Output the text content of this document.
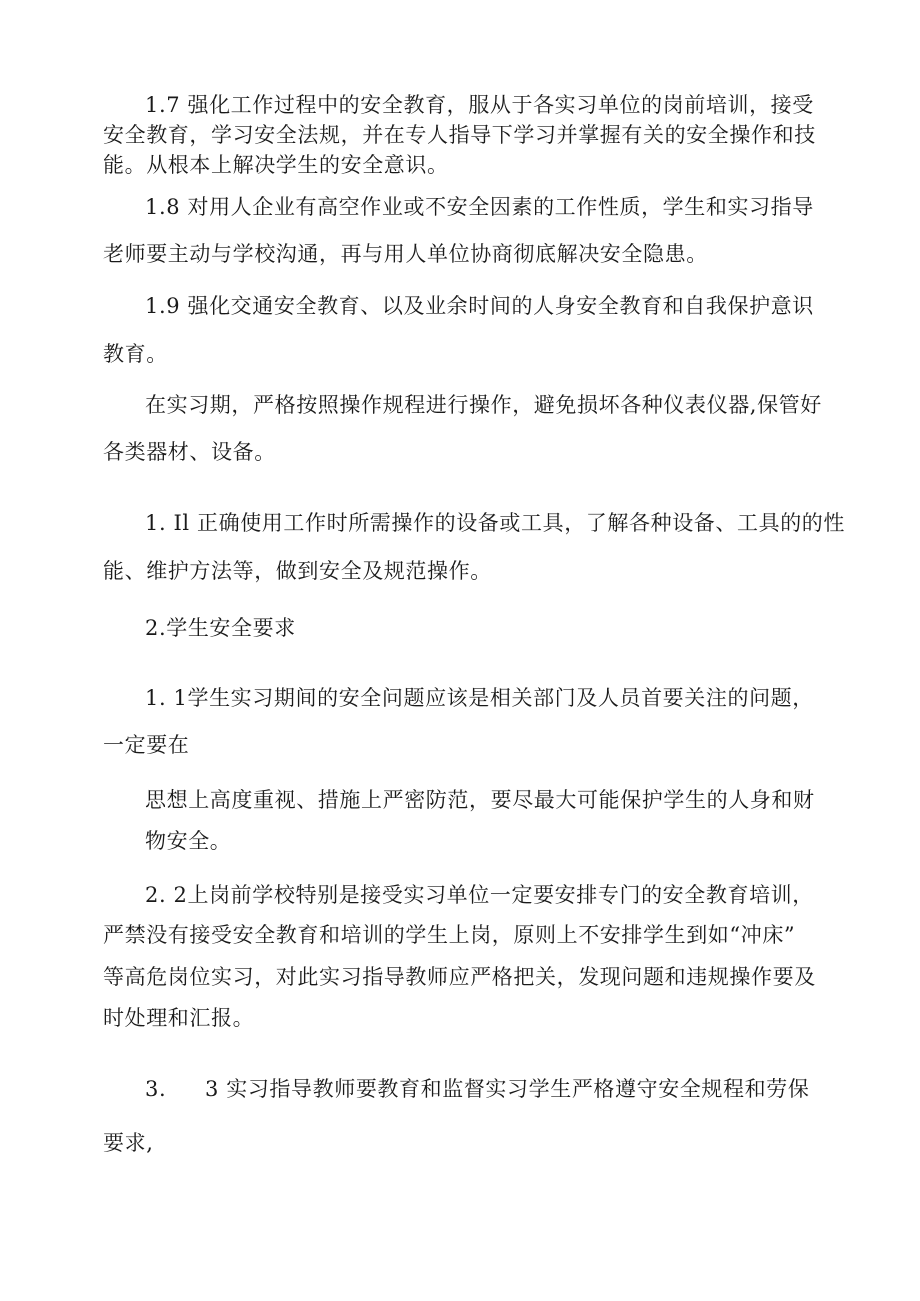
1.7 强化工作过程中的安全教育，服从于各实习单位的岗前培训，接受
安全教育，学习安全法规，并在专人指导下学习并掌握有关的安全操作和技
能。从根本上解决学生的安全意识。
1.8 对用人企业有高空作业或不安全因素的工作性质，学生和实习指导
老师要主动与学校沟通，再与用人单位协商彻底解决安全隐患。
1.9 强化交通安全教育、以及业余时间的人身安全教育和自我保护意识
教育。
在实习期，严格按照操作规程进行操作，避免损坏各种仪表仪器,保管好
各类器材、设备。
1. Il 正确使用工作时所需操作的设备或工具，了解各种设备、工具的的性
能、维护方法等，做到安全及规范操作。
2.学生安全要求
1. 1学生实习期间的安全问题应该是相关部门及人员首要关注的问题，
一定要在
思想上高度重视、措施上严密防范，要尽最大可能保护学生的人身和财
物安全。
2. 2上岗前学校特别是接受实习单位一定要安排专门的安全教育培训，
严禁没有接受安全教育和培训的学生上岗，原则上不安排学生到如“冲床”
等高危岗位实习，对此实习指导教师应严格把关，发现问题和违规操作要及
时处理和汇报。
3. 3 实习指导教师要教育和监督实习学生严格遵守安全规程和劳保
要求,
